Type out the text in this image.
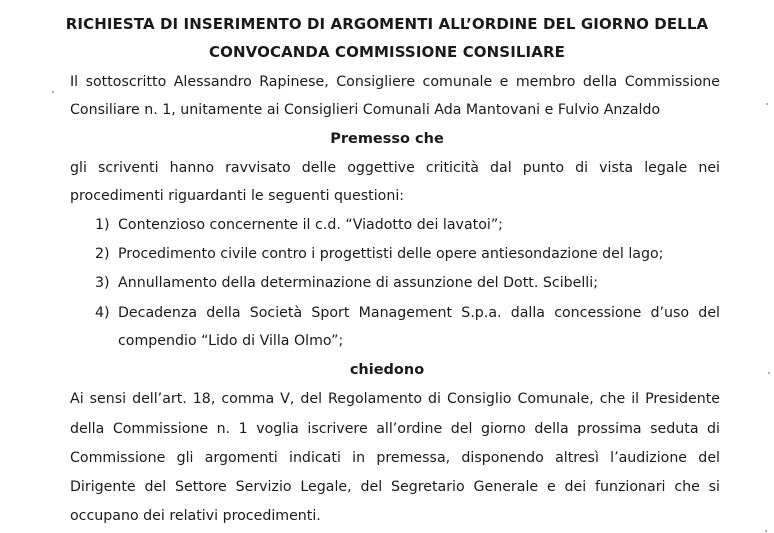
RICHIESTA DI INSERIMENTO DI ARGOMENTI ALL’ORDINE DEL GIORNO DELLA
CONVOCANDA COMMISSIONE CONSILIARE
Il sottoscritto Alessandro Rapinese, Consigliere comunale e membro della Commissione
Consiliare n. 1, unitamente ai Consiglieri Comunali Ada Mantovani e Fulvio Anzaldo
Premesso che
gli scriventi hanno ravvisato delle oggettive criticità dal punto di vista legale nei
procedimenti riguardanti le seguenti questioni:
1) Contenzioso concernente il c.d. “Viadotto dei lavatoi”;
2) Procedimento civile contro i progettisti delle opere antiesondazione del lago;
3) Annullamento della determinazione di assunzione del Dott. Scibelli;
4) Decadenza della Società Sport Management S.p.a. dalla concessione d’uso del
compendio “Lido di Villa Olmo”;
chiedono
Ai sensi dell’art. 18, comma V, del Regolamento di Consiglio Comunale, che il Presidente
della Commissione n. 1 voglia iscrivere all’ordine del giorno della prossima seduta di
Commissione gli argomenti indicati in premessa, disponendo altresì l’audizione del
Dirigente del Settore Servizio Legale, del Segretario Generale e dei funzionari che si
occupano dei relativi procedimenti.
